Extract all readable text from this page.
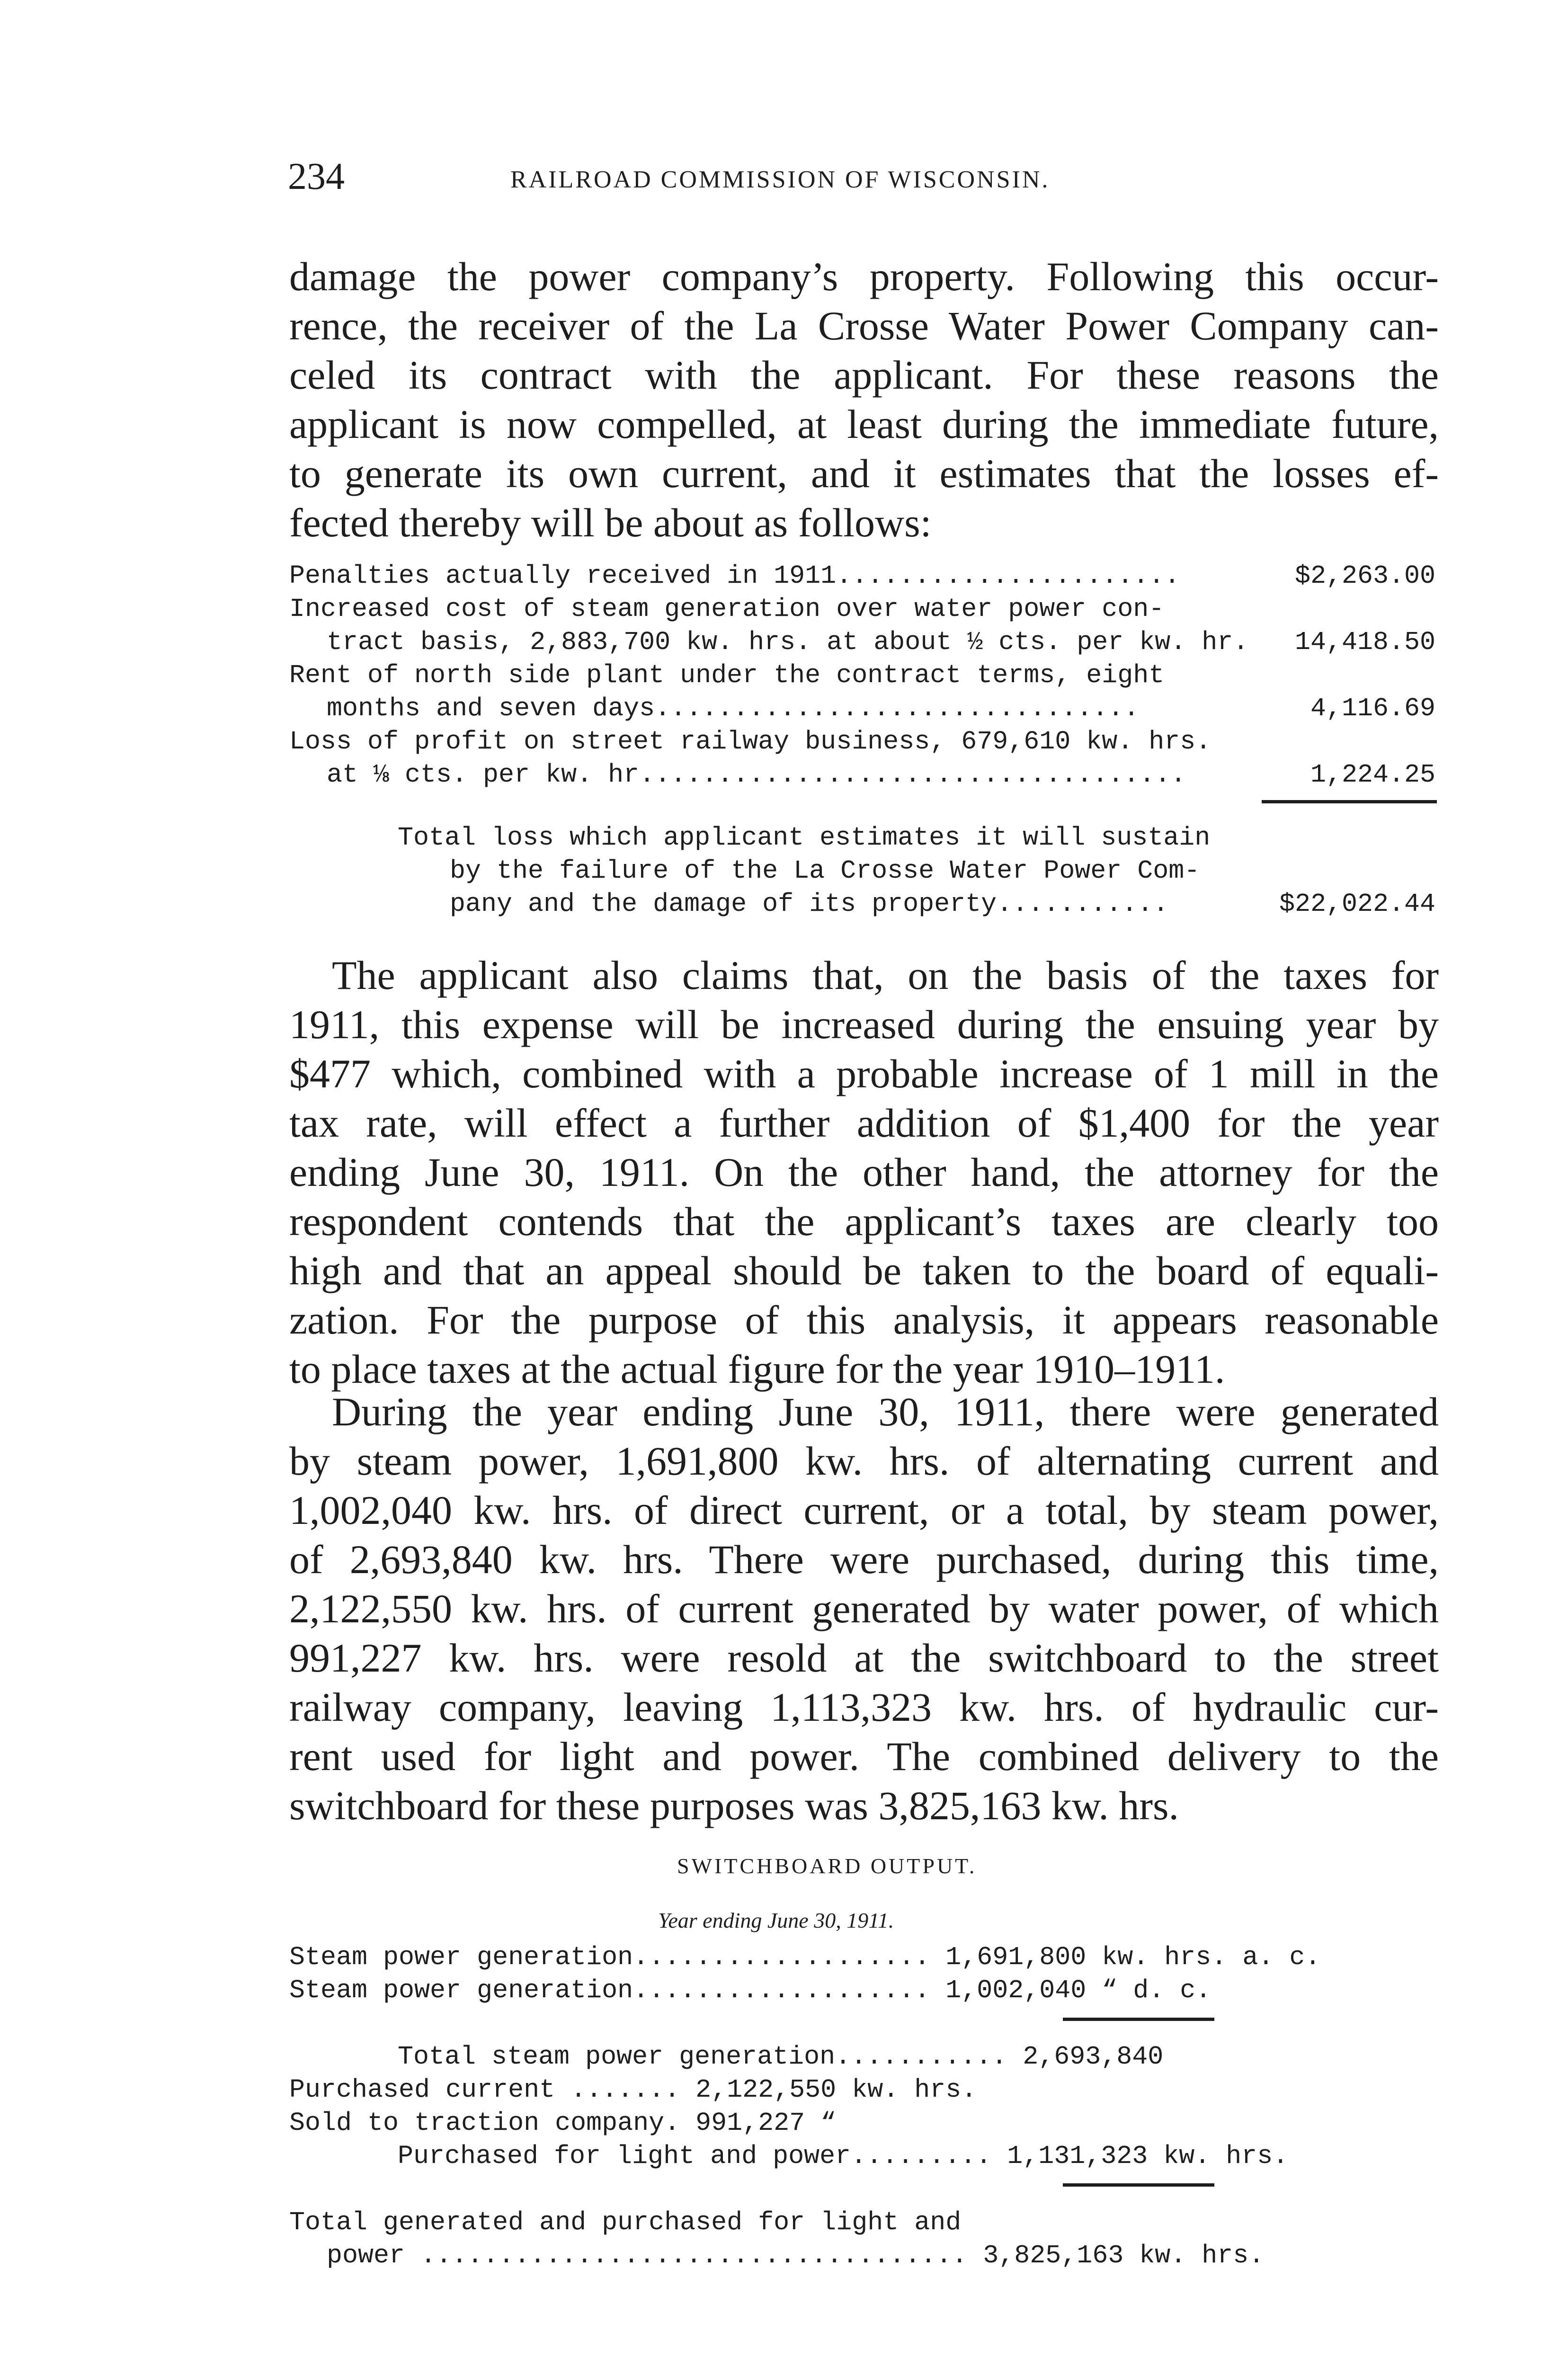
234	RAILROAD COMMISSION OF WISCONSIN.
damage the power company’s property. Following this occur-
rence, the receiver of the La Crosse Water Power Company can-
celed its contract with the applicant. For these reasons the
applicant is now compelled, at least during the immediate future,
to generate its own current, and it estimates that the losses ef-
fected thereby will be about as follows:
Penalties actually received in 1911......................	$2,263.00
Increased cost of steam generation over water power con-
tract basis, 2,883,700 kw. hrs. at about ½ cts. per kw. hr. 14,418.50
Rent of north side plant under the contract terms, eight
months and seven days...............................	4,116.69
Loss of profit on street railway business, 679,610 kw. hrs.
at ⅛ cts. per kw. hr...................................	1,224.25
Total loss which applicant estimates it will sustain
by the failure of the La Crosse Water Power Com-
pany and the damage of its property...........	$22,022.44
The applicant also claims that, on the basis of the taxes for
1911, this expense will be increased during the ensuing year by
$477 which, combined with a probable increase of 1 mill in the
tax rate, will effect a further addition of $1,400 for the year
ending June 30, 1911. On the other hand, the attorney for the
respondent contends that the applicant’s taxes are clearly too
high and that an appeal should be taken to the board of equali-
zation. For the purpose of this analysis, it appears reasonable
to place taxes at the actual figure for the year 1910–1911.
During the year ending June 30, 1911, there were generated
by steam power, 1,691,800 kw. hrs. of alternating current and
1,002,040 kw. hrs. of direct current, or a total, by steam power,
of 2,693,840 kw. hrs. There were purchased, during this time,
2,122,550 kw. hrs. of current generated by water power, of which
991,227 kw. hrs. were resold at the switchboard to the street
railway company, leaving 1,113,323 kw. hrs. of hydraulic cur-
rent used for light and power. The combined delivery to the
switchboard for these purposes was 3,825,163 kw. hrs.
SWITCHBOARD OUTPUT.
Year ending June 30, 1911.
Steam power generation................... 1,691,800 kw. hrs. a. c.
Steam power generation................... 1,002,040 “ d. c.
Total steam power generation........... 2,693,840
Purchased current ....... 2,122,550 kw. hrs.
Sold to traction company. 991,227 “
Purchased for light and power......... 1,131,323 kw. hrs.
Total generated and purchased for light and
power ................................... 3,825,163 kw. hrs.
